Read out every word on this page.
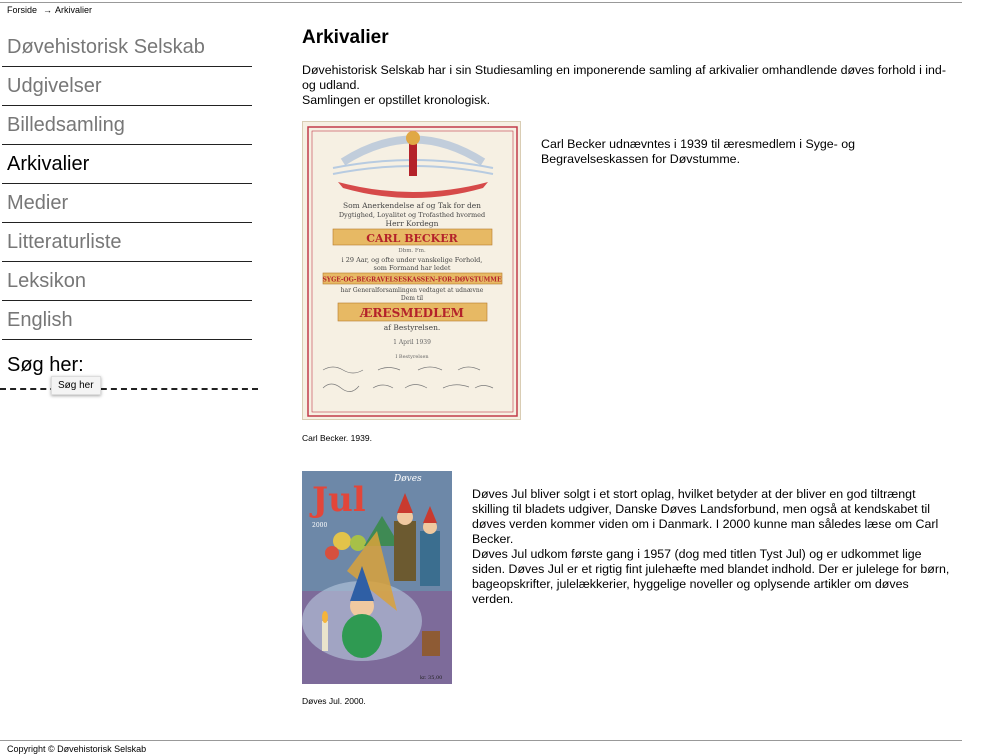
Forside → Arkivalier
Døvehistorisk Selskab
Udgivelser
Billedsamling
Arkivalier
Medier
Litteraturliste
Leksikon
English
Søg her:
Søg her
Arkivalier

Døvehistorisk Selskab har i sin Studiesamling en imponerende samling af arkivalier omhandlende døves forhold i ind- og udland.

Samlingen er opstillet kronologisk.

Som Anerkendelse af og Tak for den
Dygtighed, Loyalitet og Trofasthed hvormed
Herr Kordegn
CARL BECKER
Dbm. Fm.
i 29 Aar, og ofte under vanskelige Forhold,
som Formand har ledet
SYGE-OG-BEGRAVELSESKASSEN-FOR-DØVSTUMME
har Generalforsamlingen vedtaget at udnævne
Dem til
ÆRESMEDLEM
af Bestyrelsen.
1 April 1939
I Bestyrelsen
Carl Becker. 1939.
Carl Becker udnævntes i 1939 til æresmedlem i Syge- og Begravelseskassen for Døvstumme.
Døves
Jul
2000
kr. 35,00
Døves Jul. 2000.

Døves Jul bliver solgt i et stort oplag, hvilket betyder at der bliver en god tiltrængt skilling til bladets udgiver, Danske Døves Landsforbund, men også at kendskabet til døves verden kommer viden om i Danmark. I 2000 kunne man således læse om Carl Becker.

Døves Jul udkom første gang i 1957 (dog med titlen Tyst Jul) og er udkommet lige siden. Døves Jul er et rigtig fint julehæfte med blandet indhold. Der er julelege for børn, bageopskrifter, julelækkerier, hyggelige noveller og oplysende artikler om døves verden.

Copyright © Døvehistorisk Selskab
